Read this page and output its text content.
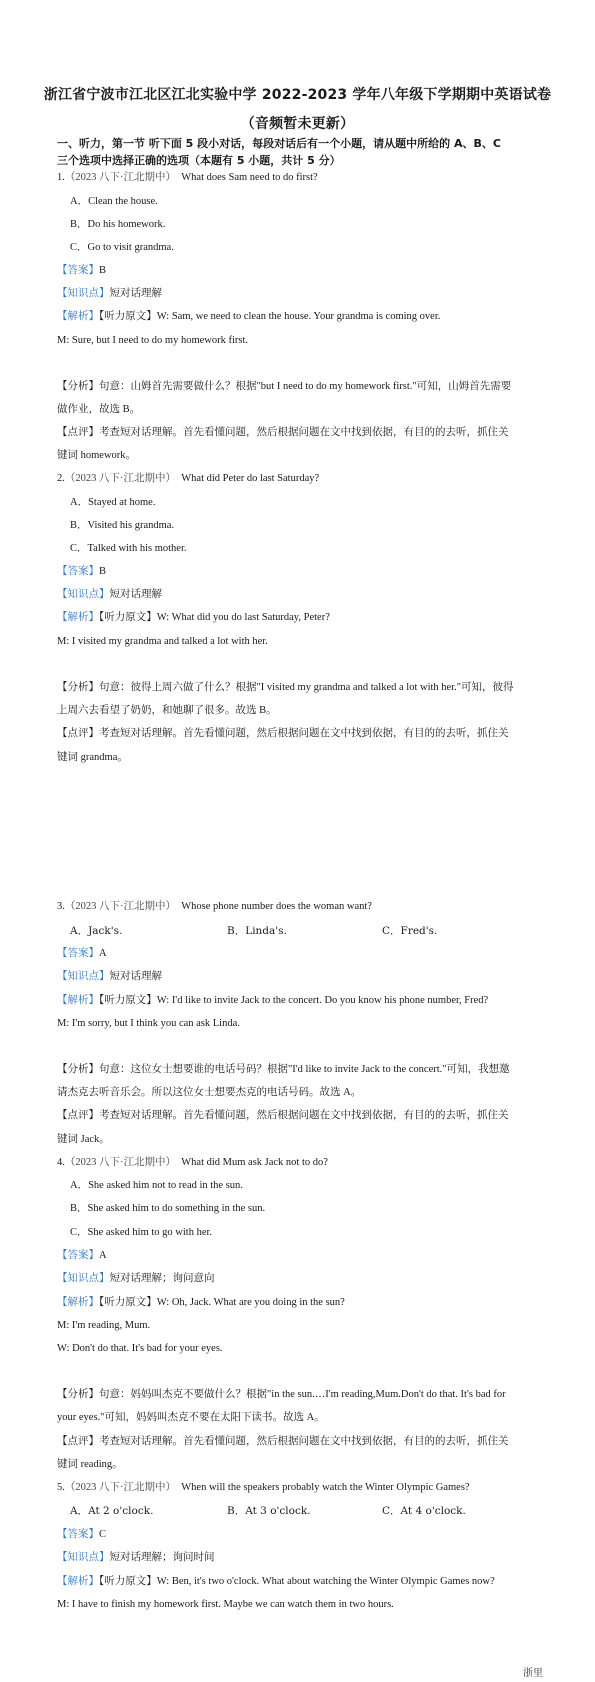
浙江省宁波市江北区江北实验中学 2022-2023 学年八年级下学期期中英语试卷
（音频暂未更新）
一、听力，第一节 听下面 5 段小对话，每段对话后有一个小题，请从题中所给的 A、B、C
三个选项中选择正确的选项（本题有 5 小题，共计 5 分）
1.（2023 八下·江北期中） What does Sam need to do first?
A．Clean the house.
B．Do his homework.
C．Go to visit grandma.
【答案】B
【知识点】短对话理解
【解析】【听力原文】W: Sam, we need to clean the house. Your grandma is coming over.
M: Sure, but I need to do my homework first.
【分析】句意：山姆首先需要做什么？根据"but I need to do my homework first."可知，山姆首先需要
做作业，故选 B。
【点评】考查短对话理解。首先看懂问题，然后根据问题在文中找到依据，有目的的去听，抓住关
键词 homework。
2.（2023 八下·江北期中） What did Peter do last Saturday?
A．Stayed at home.
B．Visited his grandma.
C．Talked with his mother.
【答案】B
【知识点】短对话理解
【解析】【听力原文】W: What did you do last Saturday, Peter?
M: I visited my grandma and talked a lot with her.
【分析】句意：彼得上周六做了什么？根据"I visited my grandma and talked a lot with her."可知，彼得
上周六去看望了奶奶，和她聊了很多。故选 B。
【点评】考查短对话理解。首先看懂问题，然后根据问题在文中找到依据，有目的的去听，抓住关
键词 grandma。
3.（2023 八下·江北期中） Whose phone number does the woman want?
A．Jack's.	B．Linda's.	C．Fred's.
【答案】A
【知识点】短对话理解
【解析】【听力原文】W: I'd like to invite Jack to the concert. Do you know his phone number, Fred?
M: I'm sorry, but I think you can ask Linda.
【分析】句意：这位女士想要谁的电话号码？根据"I'd like to invite Jack to the concert."可知，我想邀
请杰克去听音乐会。所以这位女士想要杰克的电话号码。故选 A。
【点评】考查短对话理解。首先看懂问题，然后根据问题在文中找到依据，有目的的去听，抓住关
键词 Jack。
4.（2023 八下·江北期中） What did Mum ask Jack not to do?
A．She asked him not to read in the sun.
B．She asked him to do something in the sun.
C．She asked him to go with her.
【答案】A
【知识点】短对话理解；询问意向
【解析】【听力原文】W: Oh, Jack. What are you doing in the sun?
M: I'm reading, Mum.
W: Don't do that. It's bad for your eyes.
【分析】句意：妈妈叫杰克不要做什么？根据"in the sun.…I'm reading,Mum.Don't do that. It's bad for
your eyes."可知，妈妈叫杰克不要在太阳下读书。故选 A。
【点评】考查短对话理解。首先看懂问题，然后根据问题在文中找到依据，有目的的去听，抓住关
键词 reading。
5.（2023 八下·江北期中） When will the speakers probably watch the Winter Olympic Games?
A．At 2 o'clock.	B．At 3 o'clock.	C．At 4 o'clock.
【答案】C
【知识点】短对话理解；询问时间
【解析】【听力原文】W: Ben, it's two o'clock. What about watching the Winter Olympic Games now?
M: I have to finish my homework first. Maybe we can watch them in two hours.
浙里
